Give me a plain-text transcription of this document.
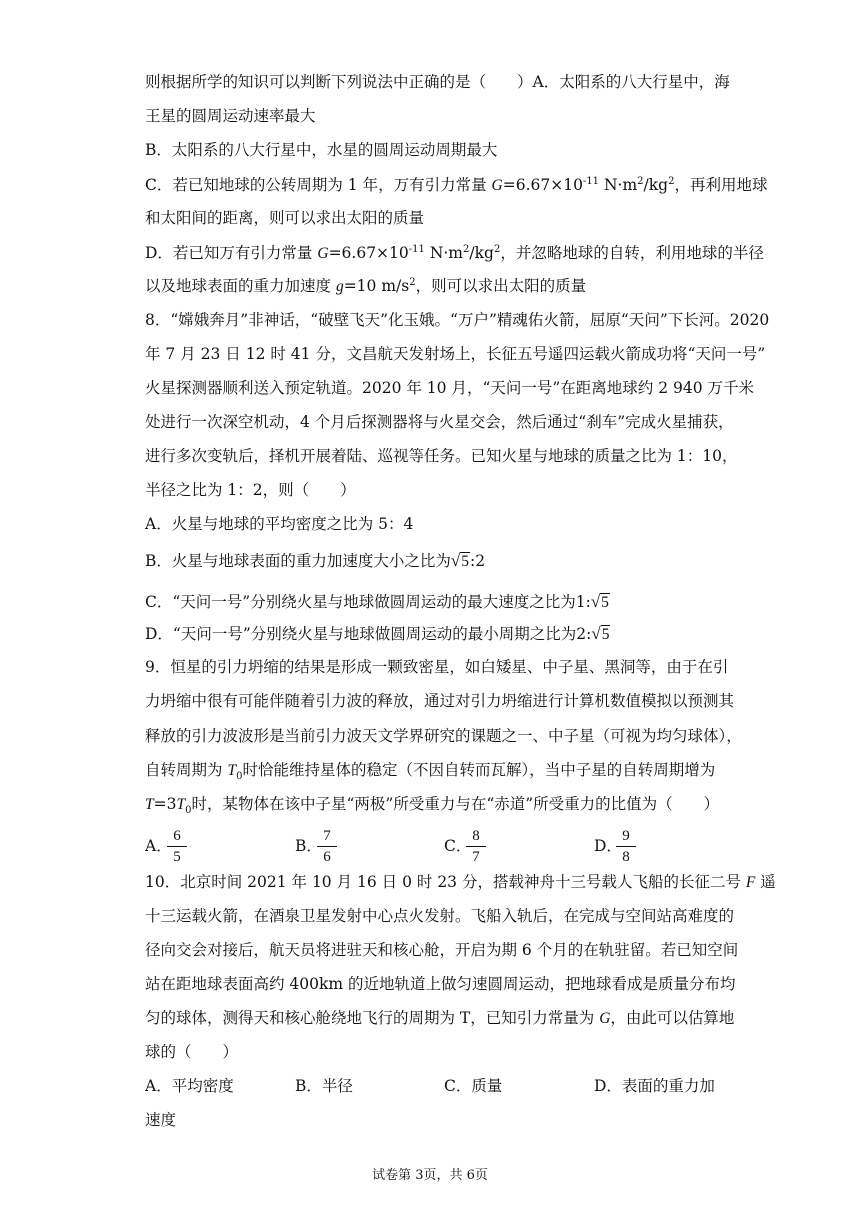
则根据所学的知识可以判断下列说法中正确的是（　　）A．太阳系的八大行星中，海
王星的圆周运动速率最大
B．太阳系的八大行星中，水星的圆周运动周期最大
C．若已知地球的公转周期为 1 年，万有引力常量 $G=6.67\times 10^{-11}$ $N\cdot m^2/kg^2$，再利用地球
和太阳间的距离，则可以求出太阳的质量
D．若已知万有引力常量 $G=6.67\times 10^{-11}$ $N\cdot m^2/kg^2$，并忽略地球的自转，利用地球的半径
以及地球表面的重力加速度 g=10 $m/s^2$，则可以求出太阳的质量
8．“嫦娥奔月”非神话，“破壁飞天”化玉娥。“万户”精魂佑火箭，屈原“天问”下长河。2020
年 7 月 23 日 12 时 41 分，文昌航天发射场上，长征五号遥四运载火箭成功将“天问一号”
火星探测器顺利送入预定轨道。2020 年 10 月，“天问一号”在距离地球约 2 940 万千米
处进行一次深空机动，4 个月后探测器将与火星交会，然后通过“刹车”完成火星捕获，
进行多次变轨后，择机开展着陆、巡视等任务。已知火星与地球的质量之比为 1：10，
半径之比为 1：2，则（　　）
A．火星与地球的平均密度之比为 5：4
B．火星与地球表面的重力加速度大小之比为√5:2
C．“天问一号”分别绕火星与地球做圆周运动的最大速度之比为1:√5
D．“天问一号”分别绕火星与地球做圆周运动的最小周期之比为2:√5
9．恒星的引力坍缩的结果是形成一颗致密星，如白矮星、中子星、黑洞等，由于在引
力坍缩中很有可能伴随着引力波的释放，通过对引力坍缩进行计算机数值模拟以预测其
释放的引力波波形是当前引力波天文学界研究的课题之一、中子星（可视为均匀球体），
自转周期为 $T_0$时恰能维持星体的稳定（不因自转而瓦解），当中子星的自转周期增为
$T=3T_0$时，某物体在该中子星“两极”所受重力与在“赤道”所受重力的比值为（　　）
A．
$\frac{6}{5}$	B．
$\frac{7}{6}$	C．
$\frac{8}{7}$	D．
$\frac{9}{8}$
10．北京时间 2021 年 10 月 16 日 0 时 23 分，搭载神舟十三号载人飞船的长征二号 F 遥
十三运载火箭，在酒泉卫星发射中心点火发射。飞船入轨后，在完成与空间站高难度的
径向交会对接后，航天员将进驻天和核心舱，开启为期 6 个月的在轨驻留。若已知空间
站在距地球表面高约 400km 的近地轨道上做匀速圆周运动，把地球看成是质量分布均
匀的球体，测得天和核心舱绕地飞行的周期为 T，已知引力常量为 G，由此可以估算地
球的（　　）
A．平均密度	B．半径	C．质量	D．表面的重力加
速度
试卷第 3页，共 6页
